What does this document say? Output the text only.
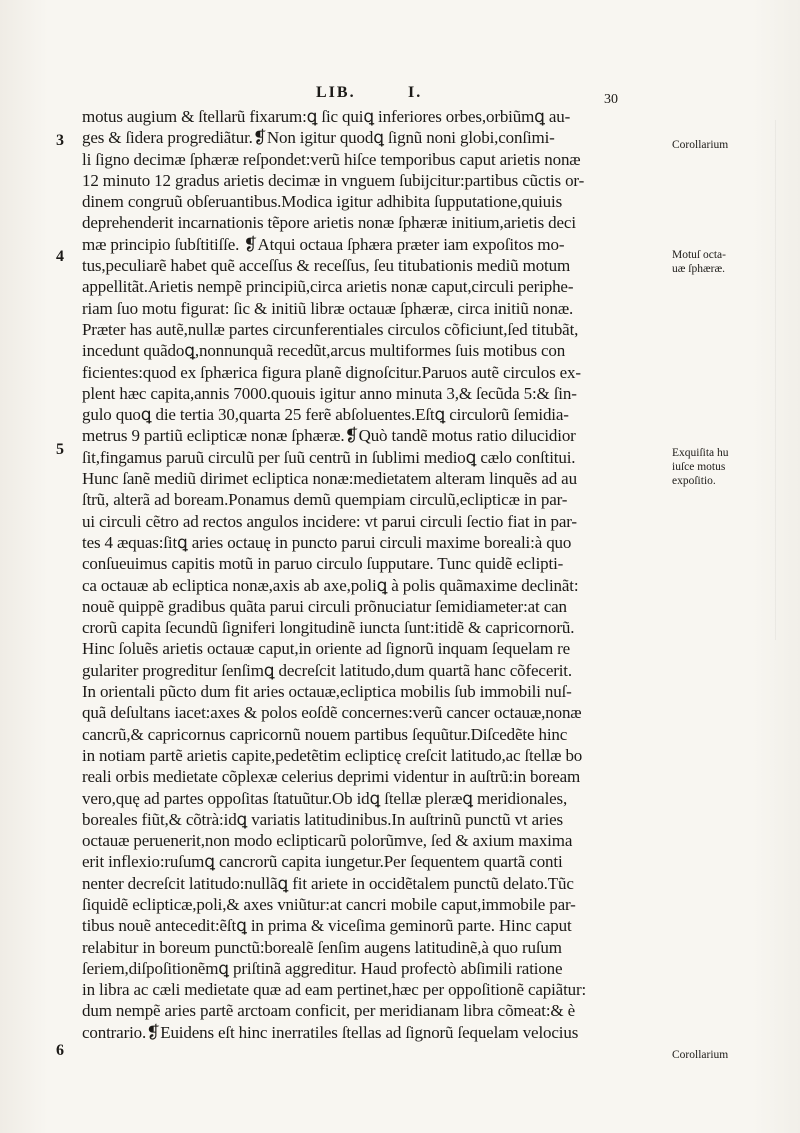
LIB.	I.	30
motus augium & ſtellarũ fixarum:ꝗ ſic quiꝗ inferiores orbes,orbiũmꝗ au-
ges & ſidera progrediãtur.❡Non igitur quodꝗ ſignũ noni globi,conſimi-
li ſigno decimæ ſphæræ reſpondet:verũ hiſce temporibus caput arietis nonæ
12 minuto 12 gradus arietis decimæ in vnguem ſubijcitur:partibus cũctis or-
dinem congruũ obſeruantibus.Modica igitur adhibita ſupputatione,quiuis
deprehenderit incarnationis tẽpore arietis nonæ ſphæræ initium,arietis deci
mæ principio ſubſtitiſſe. ❡Atqui octaua ſphæra præter iam expoſitos mo-
tus,peculiarẽ habet quẽ acceſſus & receſſus, ſeu titubationis mediũ motum
appellitãt.Arietis nempẽ principiũ,circa arietis nonæ caput,circuli periphe-
riam ſuo motu figurat: ſic & initiũ libræ octauæ ſphæræ, circa initiũ nonæ.
Præter has autẽ,nullæ partes circunferentiales circulos cõficiunt,ſed titubãt,
incedunt quãdoꝗ,nonnunquã recedũt,arcus multiformes ſuis motibus con
ficientes:quod ex ſphærica figura planẽ dignoſcitur.Paruos autẽ circulos ex-
plent hæc capita,annis 7000.quouis igitur anno minuta 3,& ſecũda 5:& ſin-
gulo quoꝗ die tertia 30,quarta 25 ferẽ abſoluentes.Eſtꝗ circulorũ ſemidia-
metrus 9 partiũ eclipticæ nonæ ſphæræ.❡Quò tandẽ motus ratio dilucidior
ſit,fingamus paruũ circulũ per ſuũ centrũ in ſublimi medioꝗ cælo conſtitui.
Hunc ſanẽ mediũ dirimet ecliptica nonæ:medietatem alteram linquẽs ad au
ſtrũ, alterã ad boream.Ponamus demũ quempiam circulũ,eclipticæ in par-
ui circuli cẽtro ad rectos angulos incidere: vt parui circuli ſectio fiat in par-
tes 4 æquas:ſitꝗ aries octauę in puncto parui circuli maxime boreali:à quo
conſueuimus capitis motũ in paruo circulo ſupputare. Tunc quidẽ eclipti-
ca octauæ ab ecliptica nonæ,axis ab axe,poliꝗ à polis quãmaxime declinãt:
nouẽ quippẽ gradibus quãta parui circuli prõnuciatur ſemidiameter:at can
crorũ capita ſecundũ ſigniferi longitudinẽ iuncta ſunt:itidẽ & capricornorũ.
Hinc ſoluẽs arietis octauæ caput,in oriente ad ſignorũ inquam ſequelam re
gulariter progreditur ſenſimꝗ decreſcit latitudo,dum quartã hanc cõfecerit.
In orientali pũcto dum fit aries octauæ,ecliptica mobilis ſub immobili nuſ-
quã deſultans iacet:axes & polos eoſdẽ concernes:verũ cancer octauæ,nonæ
cancrũ,& capricornus capricornũ nouem partibus ſequũtur.Diſcedẽte hinc
in notiam partẽ arietis capite,pedetẽtim eclipticę creſcit latitudo,ac ſtellæ bo
reali orbis medietate cõplexæ celerius deprimi videntur in auſtrũ:in boream
vero,quę ad partes oppoſitas ſtatuũtur.Ob idꝗ ſtellæ pleræꝗ meridionales,
boreales fiũt,& cõtrà:idꝗ variatis latitudinibus.In auſtrinũ punctũ vt aries
octauæ peruenerit,non modo eclipticarũ polorũmve, ſed & axium maxima
erit inflexio:ruſumꝗ cancrorũ capita iungetur.Per ſequentem quartã conti
nenter decreſcit latitudo:nullãꝗ fit ariete in occidẽtalem punctũ delato.Tũc
ſiquidẽ eclipticæ,poli,& axes vniũtur:at cancri mobile caput,immobile par-
tibus nouẽ antecedit:ẽſtꝗ in prima & viceſima geminorũ parte. Hinc caput
relabitur in boreum punctũ:borealẽ ſenſim augens latitudinẽ,à quo ruſum
ſeriem,diſpoſitionẽmꝗ priſtinã aggreditur. Haud profectò abſimili ratione
in libra ac cæli medietate quæ ad eam pertinet,hæc per oppoſitionẽ capiãtur:
dum nempẽ aries partẽ arctoam conficit, per meridianam libra cõmeat:& è
contrario.❡Euidens eſt hinc inerratiles ſtellas ad ſignorũ ſequelam velocius
3
4
5
6
Corollarium
Motuſ octa-
uæ ſphæræ.
Exquiſita hu
iuſce motus
expoſitio.
Corollarium
